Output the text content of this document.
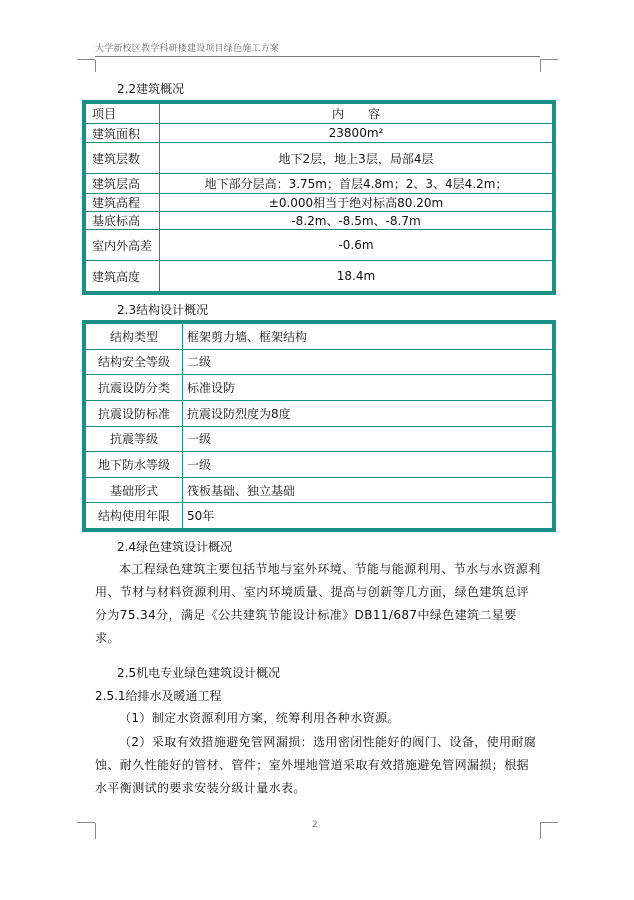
大学新校区教学科研楼建设项目绿色施工方案
2.2建筑概况
项目	内　　容
建筑面积	23800m²
建筑层数	地下2层，地上3层，局部4层
建筑层高	地下部分层高：3.75m；首层4.8m；2、3、4层4.2m；
建筑高程	±0.000相当于绝对标高80.20m
基底标高	-8.2m、-8.5m、-8.7m
室内外高差	-0.6m
建筑高度	18.4m
2.3结构设计概况
结构类型	框架剪力墙、框架结构
结构安全等级	二级
抗震设防分类	标准设防
抗震设防标准	抗震设防烈度为8度
抗震等级	一级
地下防水等级	一级
基础形式	筏板基础、独立基础
结构使用年限	50年
2.4绿色建筑设计概况
本工程绿色建筑主要包括节地与室外环境、节能与能源利用、节水与水资源利用、节材与材料资源利用、室内环境质量、提高与创新等几方面，绿色建筑总评分为75.34分，满足《公共建筑节能设计标准》DB11/687中绿色建筑二星要求。
2.5机电专业绿色建筑设计概况
2.5.1给排水及暖通工程
（1）制定水资源利用方案，统筹利用各种水资源。
（2）采取有效措施避免管网漏损：选用密闭性能好的阀门、设备，使用耐腐蚀、耐久性能好的管材、管件；室外埋地管道采取有效措施避免管网漏损；根据水平衡测试的要求安装分级计量水表。
2
